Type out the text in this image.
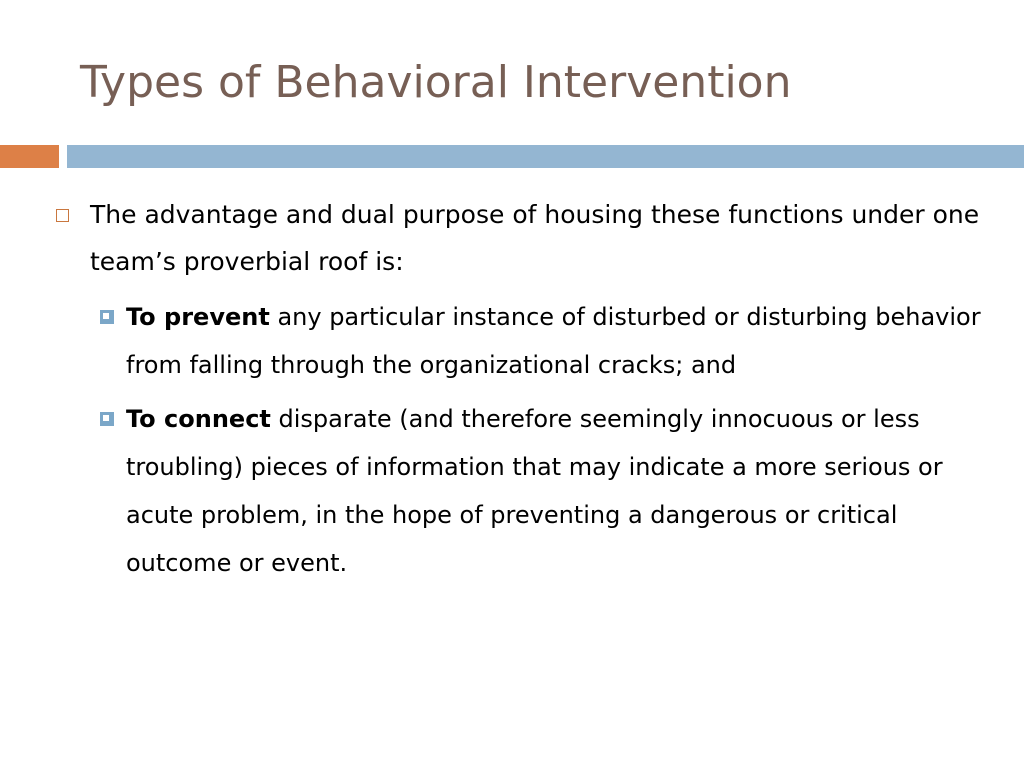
Types of Behavioral Intervention

The advantage and dual purpose of housing these functions under one team’s proverbial roof is:

To prevent any particular instance of disturbed or disturbing behavior from falling through the organizational cracks; and

To connect disparate (and therefore seemingly innocuous or less troubling) pieces of information that may indicate a more serious or acute problem, in the hope of preventing a dangerous or critical outcome or event.
